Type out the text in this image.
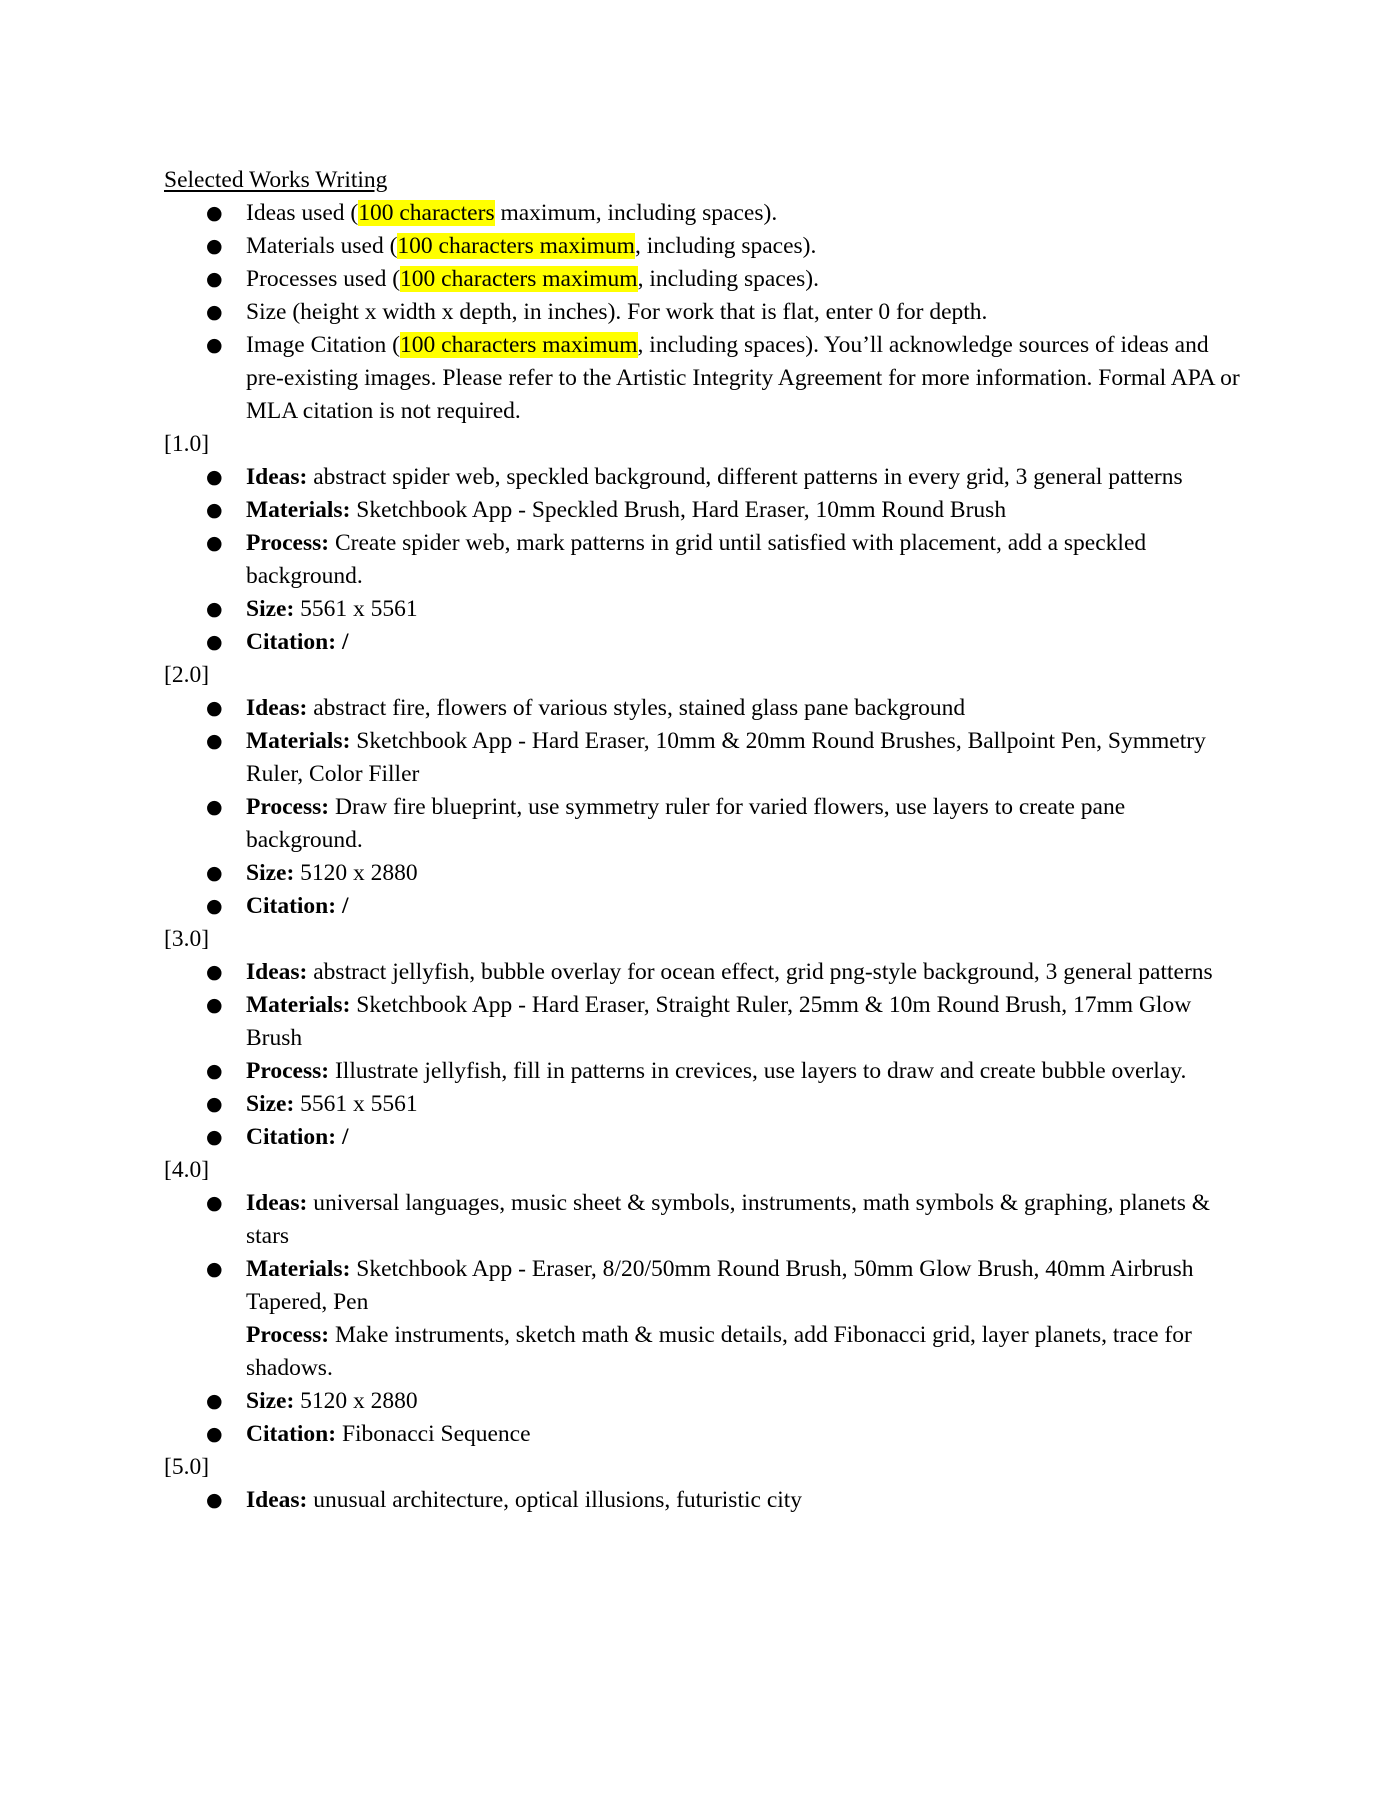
Selected Works Writing

● Ideas used (100 characters maximum, including spaces).
● Materials used (100 characters maximum, including spaces).
● Processes used (100 characters maximum, including spaces).
● Size (height x width x depth, in inches). For work that is flat, enter 0 for depth.
● Image Citation (100 characters maximum, including spaces). You’ll acknowledge sources of ideas and pre-existing images. Please refer to the Artistic Integrity Agreement for more information. Formal APA or MLA citation is not required.

[1.0]

● Ideas: abstract spider web, speckled background, different patterns in every grid, 3 general patterns
● Materials: Sketchbook App - Speckled Brush, Hard Eraser, 10mm Round Brush
● Process: Create spider web, mark patterns in grid until satisfied with placement, add a speckled background.
● Size: 5561 x 5561
● Citation: /

[2.0]

● Ideas: abstract fire, flowers of various styles, stained glass pane background
● Materials: Sketchbook App - Hard Eraser, 10mm & 20mm Round Brushes, Ballpoint Pen, Symmetry Ruler, Color Filler
● Process: Draw fire blueprint, use symmetry ruler for varied flowers, use layers to create pane background.
● Size: 5120 x 2880
● Citation: /

[3.0]

● Ideas: abstract jellyfish, bubble overlay for ocean effect, grid png-style background, 3 general patterns
● Materials: Sketchbook App - Hard Eraser, Straight Ruler, 25mm & 10m Round Brush, 17mm Glow Brush
● Process: Illustrate jellyfish, fill in patterns in crevices, use layers to draw and create bubble overlay.
● Size: 5561 x 5561
● Citation: /

[4.0]

● Ideas: universal languages, music sheet & symbols, instruments, math symbols & graphing, planets & stars
● Materials: Sketchbook App - Eraser, 8/20/50mm Round Brush, 50mm Glow Brush, 40mm Airbrush Tapered, Pen
Process: Make instruments, sketch math & music details, add Fibonacci grid, layer planets, trace for shadows.
● Size: 5120 x 2880
● Citation: Fibonacci Sequence

[5.0]

● Ideas: unusual architecture, optical illusions, futuristic city
